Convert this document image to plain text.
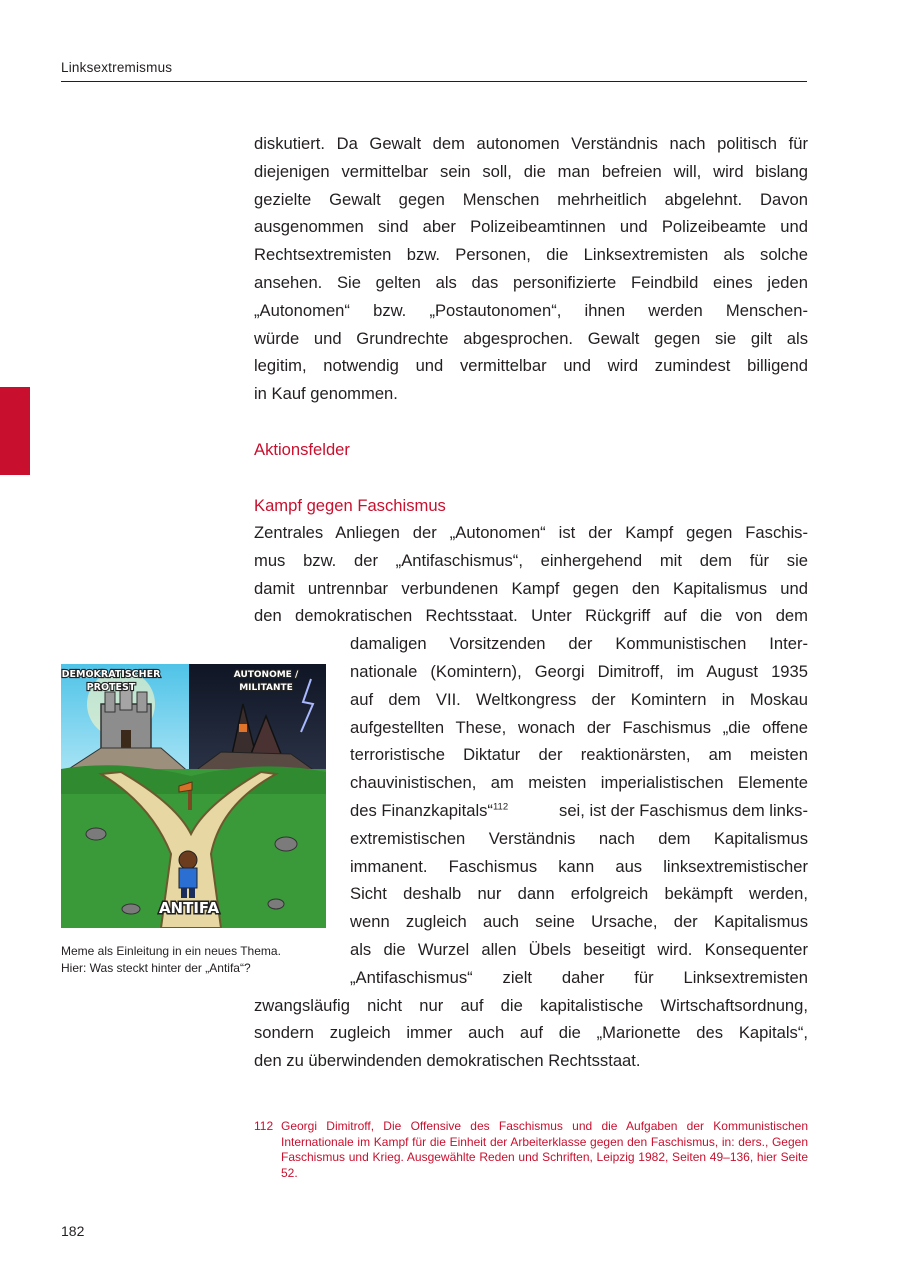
Linksextremismus
diskutiert. Da Gewalt dem autonomen Verständnis nach politisch für
diejenigen vermittelbar sein soll, die man befreien will, wird bislang
gezielte Gewalt gegen Menschen mehrheitlich abgelehnt. Davon
ausgenommen sind aber Polizeibeamtinnen und Polizeibeamte und
Rechtsextremisten bzw. Personen, die Linksextremisten als solche
ansehen. Sie gelten als das personifizierte Feindbild eines jeden
„Autonomen“ bzw. „Postautonomen“, ihnen werden Menschen-
würde und Grundrechte abgesprochen. Gewalt gegen sie gilt als
legitim, notwendig und vermittelbar und wird zumindest billigend
in Kauf genommen.
Aktionsfelder
Kampf gegen Faschismus
Zentrales Anliegen der „Autonomen“ ist der Kampf gegen Faschis-
mus bzw. der „Antifaschismus“, einhergehend mit dem für sie
damit untrennbar verbundenen Kampf gegen den Kapitalismus und
den demokratischen Rechtsstaat. Unter Rückgriff auf die von dem
damaligen Vorsitzenden der Kommunistischen Inter-
nationale (Komintern), Georgi Dimitroff, im August 1935
auf dem VII. Weltkongress der Komintern in Moskau
aufgestellten These, wonach der Faschismus „die offene
terroristische Diktatur der reaktionärsten, am meisten
chauvinistischen, am meisten imperialistischen Elemente
des Finanzkapitals“$^{112}$	sei, ist der Faschismus dem links-
extremistischen Verständnis nach dem Kapitalismus
immanent. Faschismus kann aus linksextremistischer
Sicht deshalb nur dann erfolgreich bekämpft werden,
wenn zugleich auch seine Ursache, der Kapitalismus
als die Wurzel allen Übels beseitigt wird. Konsequenter
„Antifaschismus“ zielt daher für Linksextremisten
zwangsläufig nicht nur auf die kapitalistische Wirtschaftsordnung,
sondern zugleich immer auch auf die „Marionette des Kapitals“,
den zu überwindenden demokratischen Rechtsstaat.
DEMOKRATISCHER
PROTEST
AUTONOME /
MILITANTE
ANTIFA
Meme als Einleitung in ein neues Thema.
Hier: Was steckt hinter der „Antifa“?
112 Georgi Dimitroff, Die Offensive des Faschismus und die Aufgaben der Kommunistischen Internationale im Kampf für die Einheit der Arbeiterklasse gegen den Faschismus, in: ders., Gegen Faschismus und Krieg. Ausgewählte Reden und Schriften, Leipzig 1982, Seiten 49–136, hier Seite 52.
182
